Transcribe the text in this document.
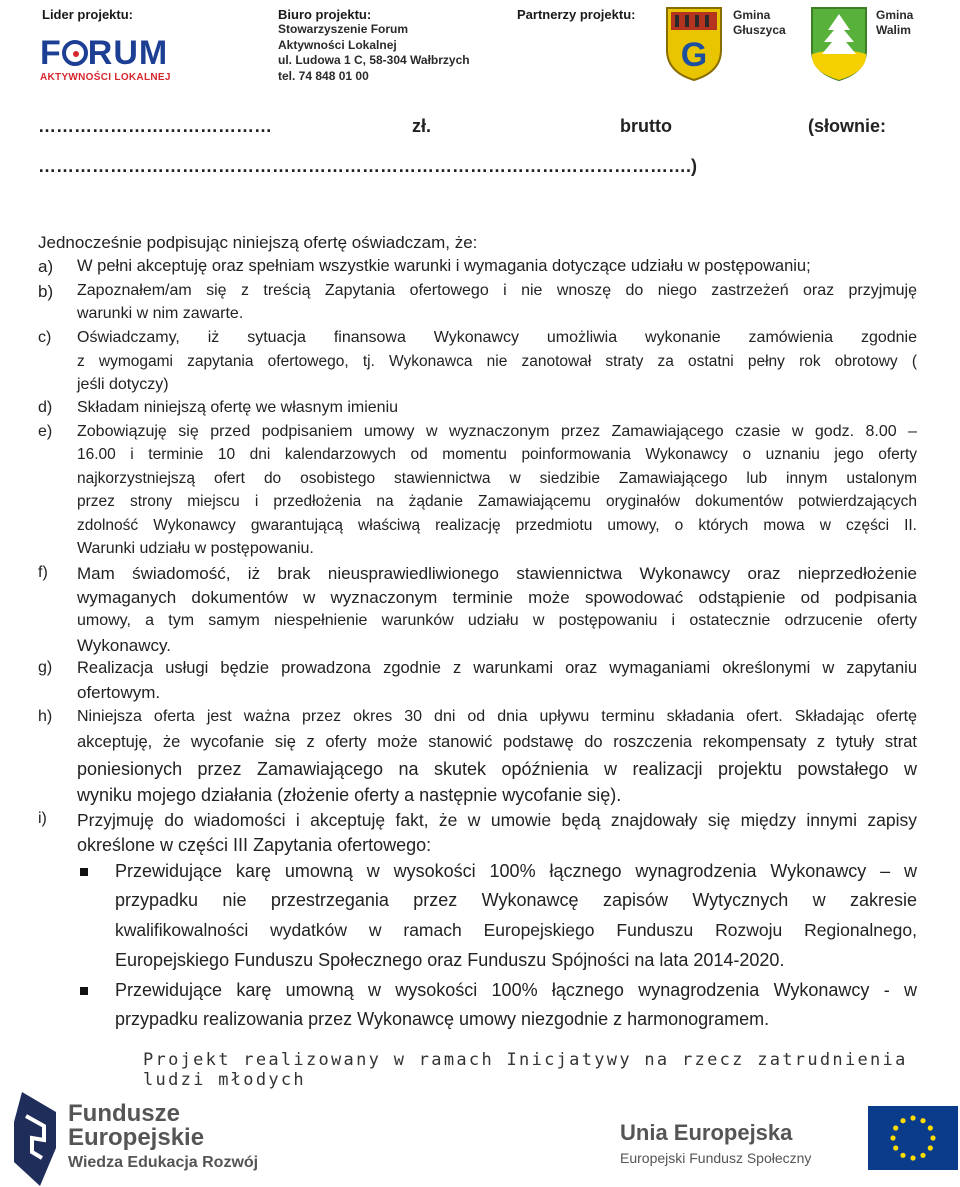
Lider projektu:
F RUM
AKTYWNOŚCI LOKALNEJ
Biuro projektu:
Stowarzyszenie Forum
Aktywności Lokalnej
ul. Ludowa 1 C, 58-304 Wałbrzych
tel. 74 848 01 00
Partnerzy projektu:
G
Gmina
Głuszyca
Gmina
Walim
…………………………………	zł.	brutto	(słownie:
……………………………………………………………………………………………….)
Jednocześnie podpisując niniejszą ofertę oświadczam, że:
a) W pełni akceptuję oraz spełniam wszystkie warunki i wymagania dotyczące udziału w postępowaniu;
b) Zapoznałem/am się z treścią Zapytania ofertowego i nie wnoszę do niego zastrzeżeń oraz przyjmuję
warunki w nim zawarte.
c) Oświadczamy, iż sytuacja finansowa Wykonawcy umożliwia wykonanie zamówienia zgodnie
z wymogami zapytania ofertowego, tj. Wykonawca nie zanotował straty za ostatni pełny rok obrotowy (
jeśli dotyczy)
d) Składam niniejszą ofertę we własnym imieniu
e) Zobowiązuję się przed podpisaniem umowy w wyznaczonym przez Zamawiającego czasie w godz. 8.00 –
16.00 i terminie 10 dni kalendarzowych od momentu poinformowania Wykonawcy o uznaniu jego oferty
najkorzystniejszą ofert do osobistego stawiennictwa w siedzibie Zamawiającego lub innym ustalonym
przez strony miejscu i przedłożenia na żądanie Zamawiającemu oryginałów dokumentów potwierdzających
zdolność Wykonawcy gwarantującą właściwą realizację przedmiotu umowy, o których mowa w części II.
Warunki udziału w postępowaniu.
f) Mam świadomość, iż brak nieusprawiedliwionego stawiennictwa Wykonawcy oraz nieprzedłożenie
wymaganych dokumentów w wyznaczonym terminie może spowodować odstąpienie od podpisania
umowy, a tym samym niespełnienie warunków udziału w postępowaniu i ostatecznie odrzucenie oferty
Wykonawcy.
g) Realizacja usługi będzie prowadzona zgodnie z warunkami oraz wymaganiami określonymi w zapytaniu
ofertowym.
h) Niniejsza oferta jest ważna przez okres 30 dni od dnia upływu terminu składania ofert. Składając ofertę
akceptuję, że wycofanie się z oferty może stanowić podstawę do roszczenia rekompensaty z tytuły strat
poniesionych przez Zamawiającego na skutek opóźnienia w realizacji projektu powstałego w
wyniku mojego działania (złożenie oferty a następnie wycofanie się).
i) Przyjmuję do wiadomości i akceptuję fakt, że w umowie będą znajdowały się między innymi zapisy
określone w części III Zapytania ofertowego:
Przewidujące karę umowną w wysokości 100% łącznego wynagrodzenia Wykonawcy – w
przypadku nie przestrzegania przez Wykonawcę zapisów Wytycznych w zakresie
kwalifikowalności wydatków w ramach Europejskiego Funduszu Rozwoju Regionalnego,
Europejskiego Funduszu Społecznego oraz Funduszu Spójności na lata 2014-2020.
Przewidujące karę umowną w wysokości 100% łącznego wynagrodzenia Wykonawcy - w
przypadku realizowania przez Wykonawcę umowy niezgodnie z harmonogramem.
Projekt realizowany w ramach Inicjatywy na rzecz zatrudnienia ludzi młodych
Fundusze
Europejskie
Wiedza Edukacja Rozwój
Unia Europejska
Europejski Fundusz Społeczny
